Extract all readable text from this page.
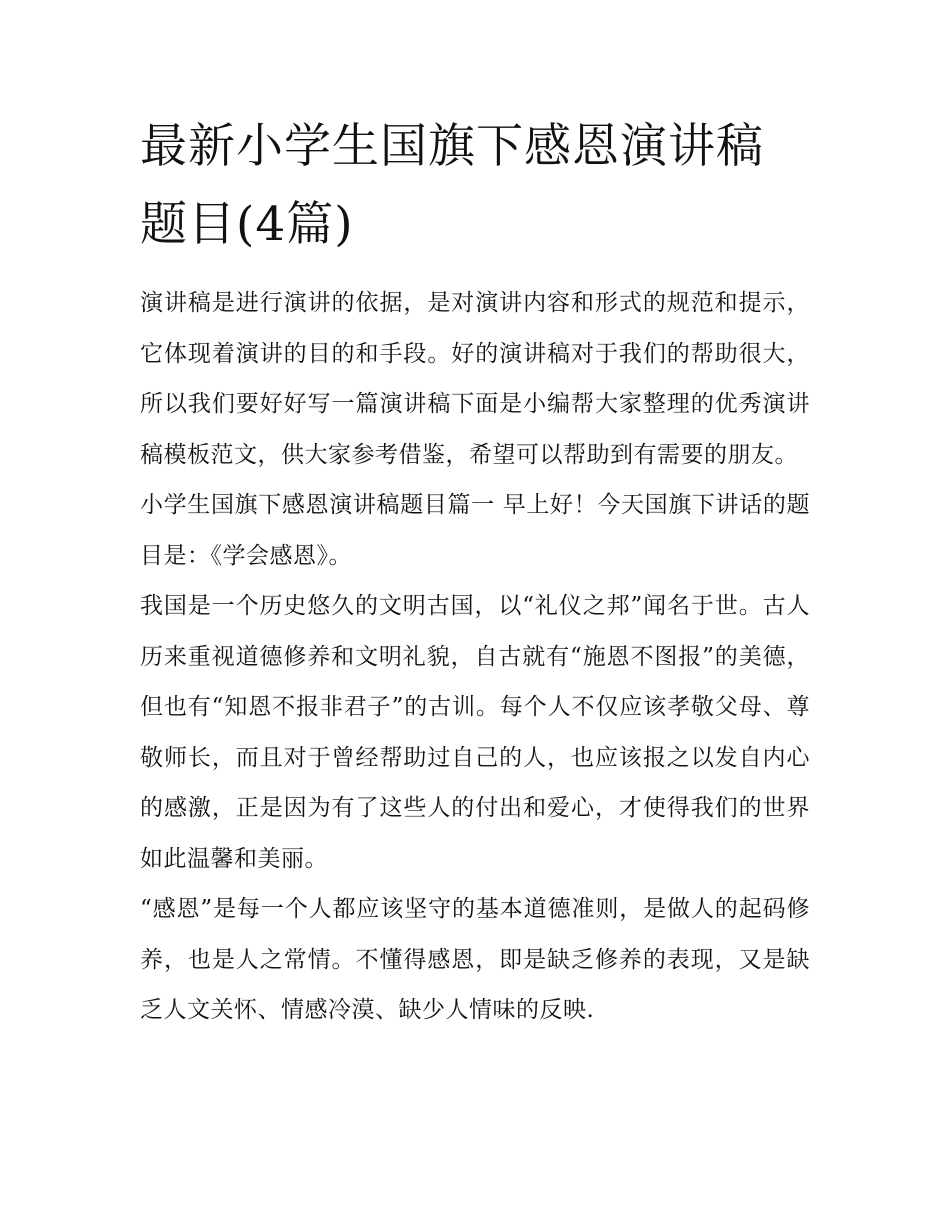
最新小学生国旗下感恩演讲稿题目(4篇)

演讲稿是进行演讲的依据，是对演讲内容和形式的规范和提示，它体现着演讲的目的和手段。好的演讲稿对于我们的帮助很大，所以我们要好好写一篇演讲稿下面是小编帮大家整理的优秀演讲稿模板范文，供大家参考借鉴，希望可以帮助到有需要的朋友。

小学生国旗下感恩演讲稿题目篇一 早上好！今天国旗下讲话的题目是：《学会感恩》。

我国是一个历史悠久的文明古国，以“礼仪之邦”闻名于世。古人历来重视道德修养和文明礼貌，自古就有“施恩不图报”的美德，但也有“知恩不报非君子”的古训。每个人不仅应该孝敬父母、尊敬师长，而且对于曾经帮助过自己的人，也应该报之以发自内心的感激，正是因为有了这些人的付出和爱心，才使得我们的世界如此温馨和美丽。

“感恩”是每一个人都应该坚守的基本道德准则，是做人的起码修养，也是人之常情。不懂得感恩，即是缺乏修养的表现，又是缺乏人文关怀、情感冷漠、缺少人情味的反映.
